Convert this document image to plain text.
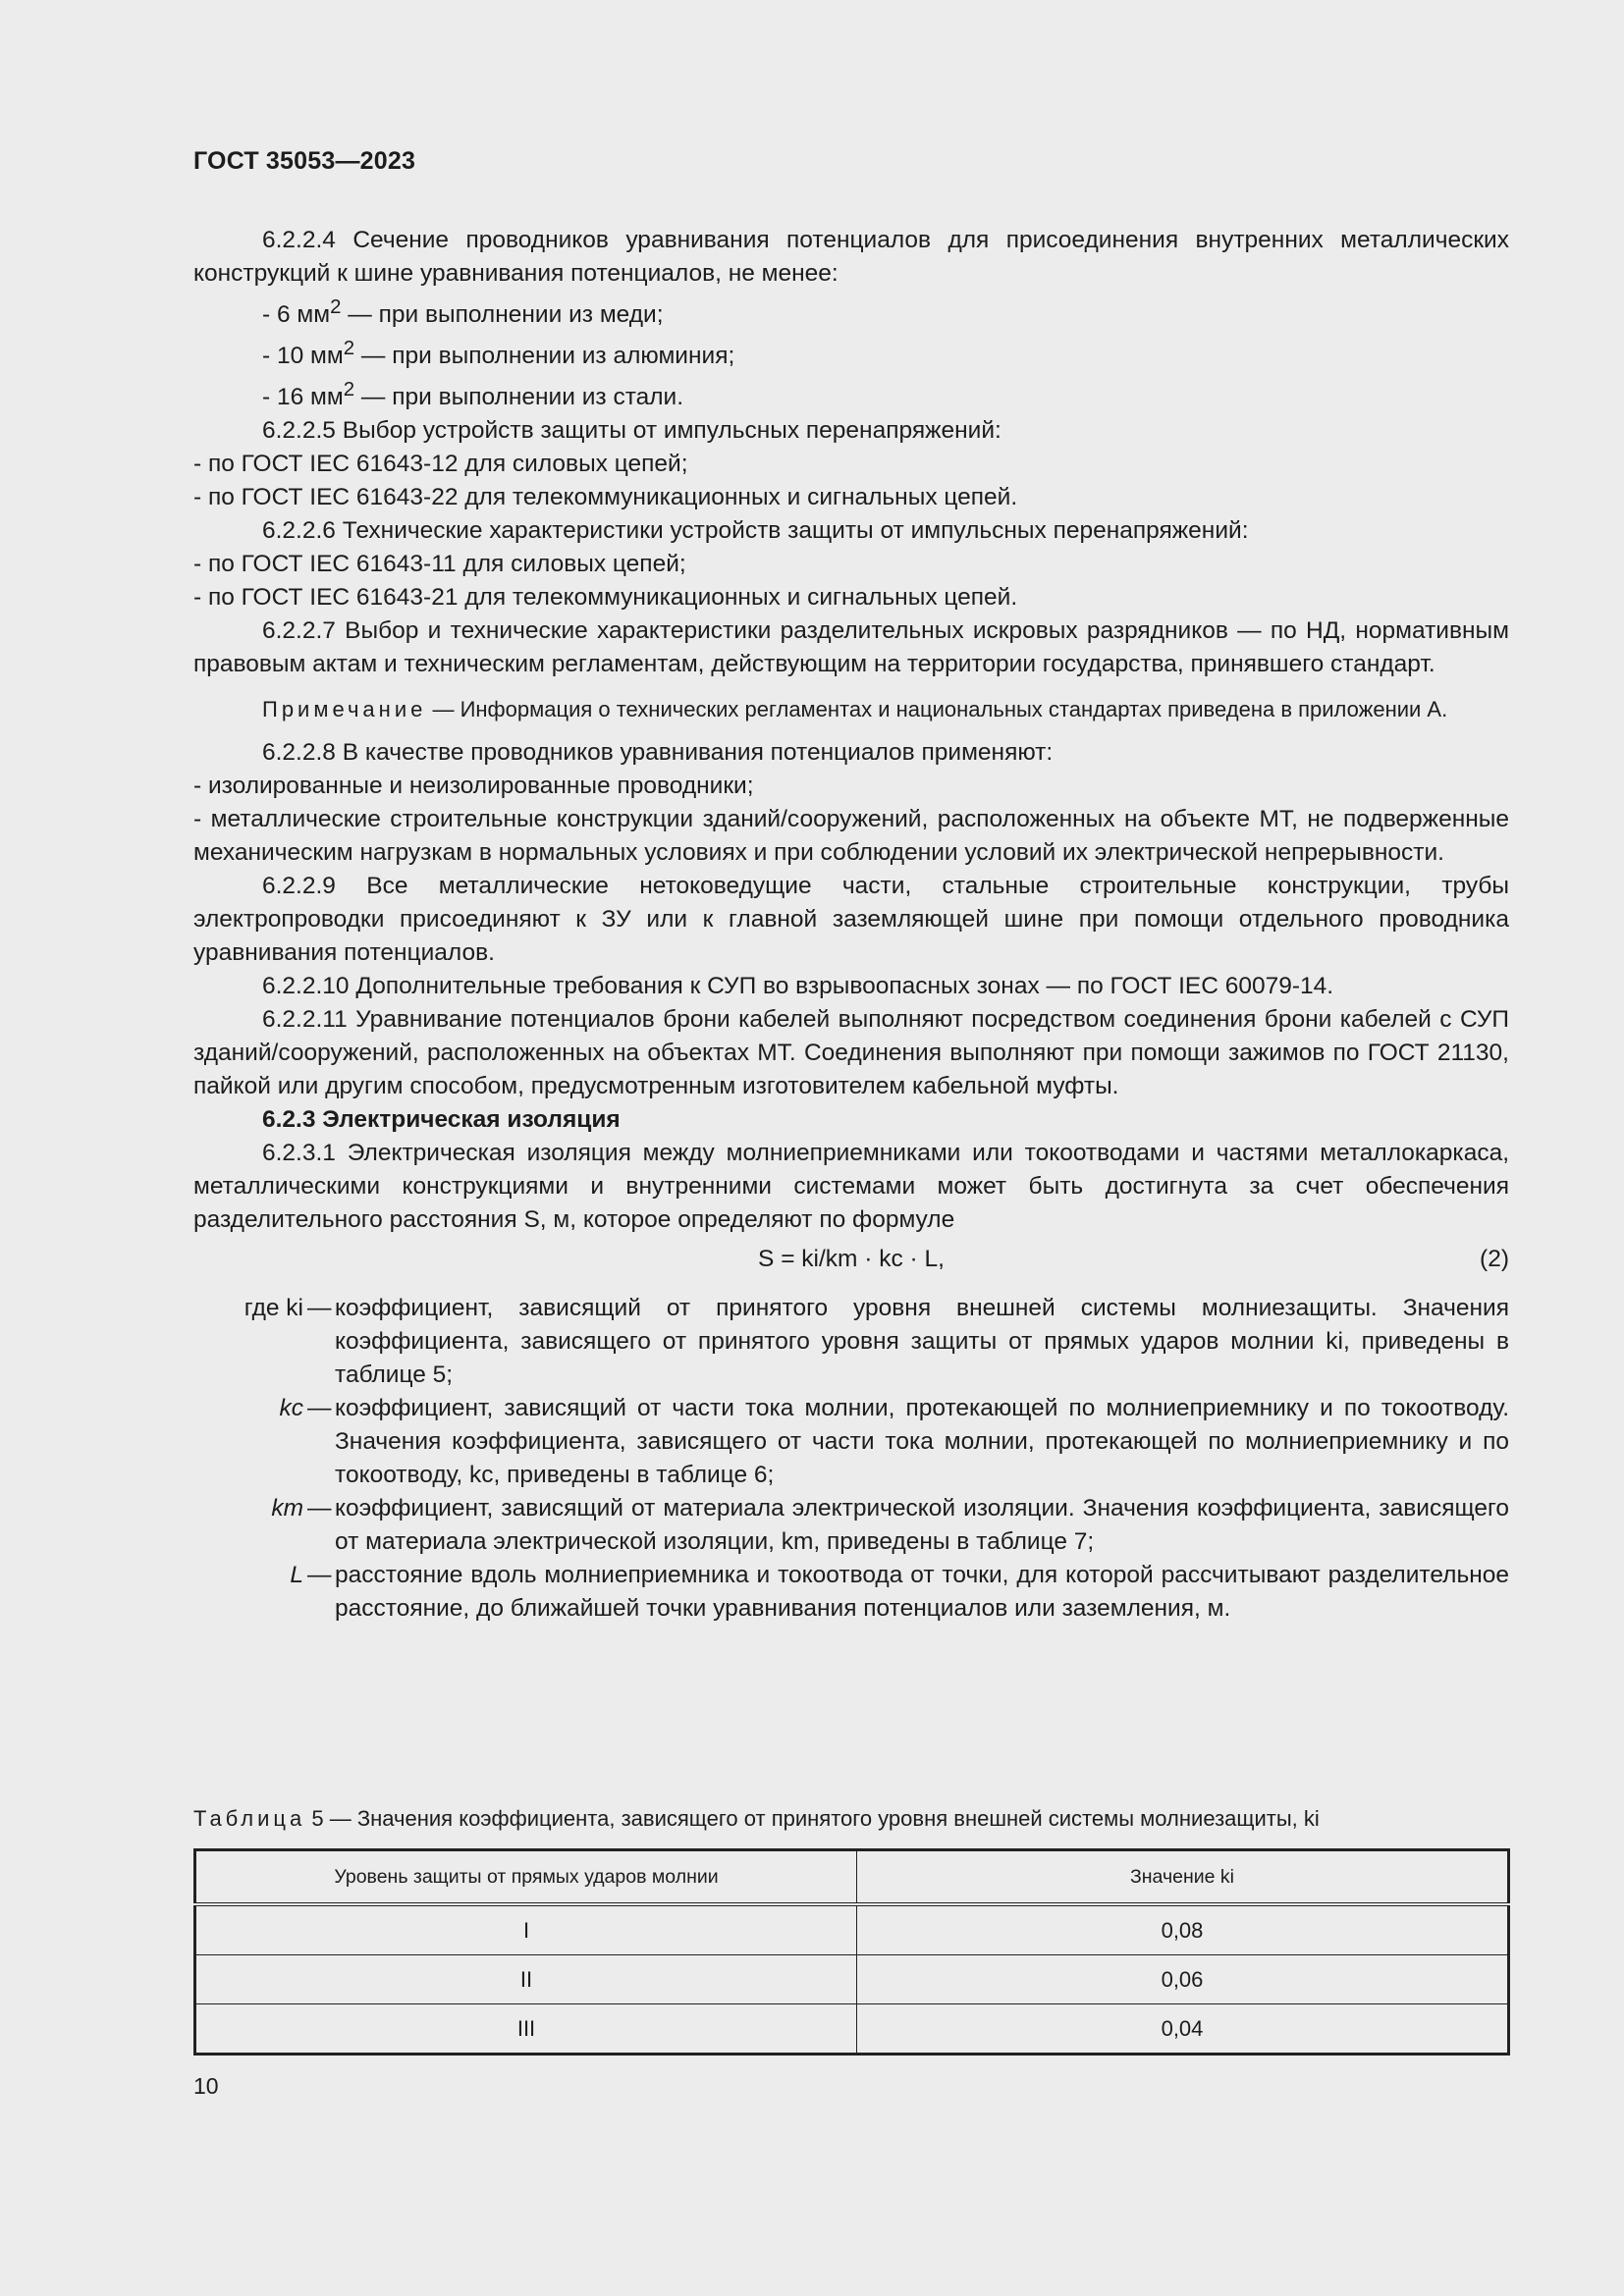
ГОСТ 35053—2023

6.2.2.4 Сечение проводников уравнивания потенциалов для присоединения внутренних металлических конструкций к шине уравнивания потенциалов, не менее:

- 6 $мм^2$ — при выполнении из меди;

- 10 $мм^2$ — при выполнении из алюминия;

- 16 $мм^2$ — при выполнении из стали.

6.2.2.5 Выбор устройств защиты от импульсных перенапряжений:

- по ГОСТ IEC 61643-12 для силовых цепей;

- по ГОСТ IEC 61643-22 для телекоммуникационных и сигнальных цепей.

6.2.2.6 Технические характеристики устройств защиты от импульсных перенапряжений:

- по ГОСТ IEC 61643-11 для силовых цепей;

- по ГОСТ IEC 61643-21 для телекоммуникационных и сигнальных цепей.

6.2.2.7 Выбор и технические характеристики разделительных искровых разрядников — по НД, нормативным правовым актам и техническим регламентам, действующим на территории государства, принявшего стандарт.

Примечание — Информация о технических регламентах и национальных стандартах приведена в приложении А.

6.2.2.8 В качестве проводников уравнивания потенциалов применяют:

- изолированные и неизолированные проводники;

- металлические строительные конструкции зданий/сооружений, расположенных на объекте МТ, не подверженные механическим нагрузкам в нормальных условиях и при соблюдении условий их электрической непрерывности.

6.2.2.9 Все металлические нетоковедущие части, стальные строительные конструкции, трубы электропроводки присоединяют к ЗУ или к главной заземляющей шине при помощи отдельного проводника уравнивания потенциалов.

6.2.2.10 Дополнительные требования к СУП во взрывоопасных зонах — по ГОСТ IEC 60079-14.

6.2.2.11 Уравнивание потенциалов брони кабелей выполняют посредством соединения брони кабелей с СУП зданий/сооружений, расположенных на объектах МТ. Соединения выполняют при помощи зажимов по ГОСТ 21130, пайкой или другим способом, предусмотренным изготовителем кабельной муфты.

6.2.3 Электрическая изоляция

6.2.3.1 Электрическая изоляция между молниеприемниками или токоотводами и частями металлокаркаса, металлическими конструкциями и внутренними системами может быть достигнута за счет обеспечения разделительного расстояния S, м, которое определяют по формуле

S = ki/km · kc · L,	(2)
где ki — коэффициент, зависящий от принятого уровня внешней системы молниезащиты. Значения коэффициента, зависящего от принятого уровня защиты от прямых ударов молнии ki, приведены в таблице 5;
kc — коэффициент, зависящий от части тока молнии, протекающей по молниеприемнику и по токоотводу. Значения коэффициента, зависящего от части тока молнии, протекающей по молниеприемнику и по токоотводу, kc, приведены в таблице 6;
km — коэффициент, зависящий от материала электрической изоляции. Значения коэффициента, зависящего от материала электрической изоляции, km, приведены в таблице 7;
L — расстояние вдоль молниеприемника и токоотвода от точки, для которой рассчитывают разделительное расстояние, до ближайшей точки уравнивания потенциалов или заземления, м.
Таблица 5 — Значения коэффициента, зависящего от принятого уровня внешней системы молниезащиты, ki
Уровень защиты от прямых ударов молнии	Значение ki
I	0,08
II	0,06
III	0,04
10
